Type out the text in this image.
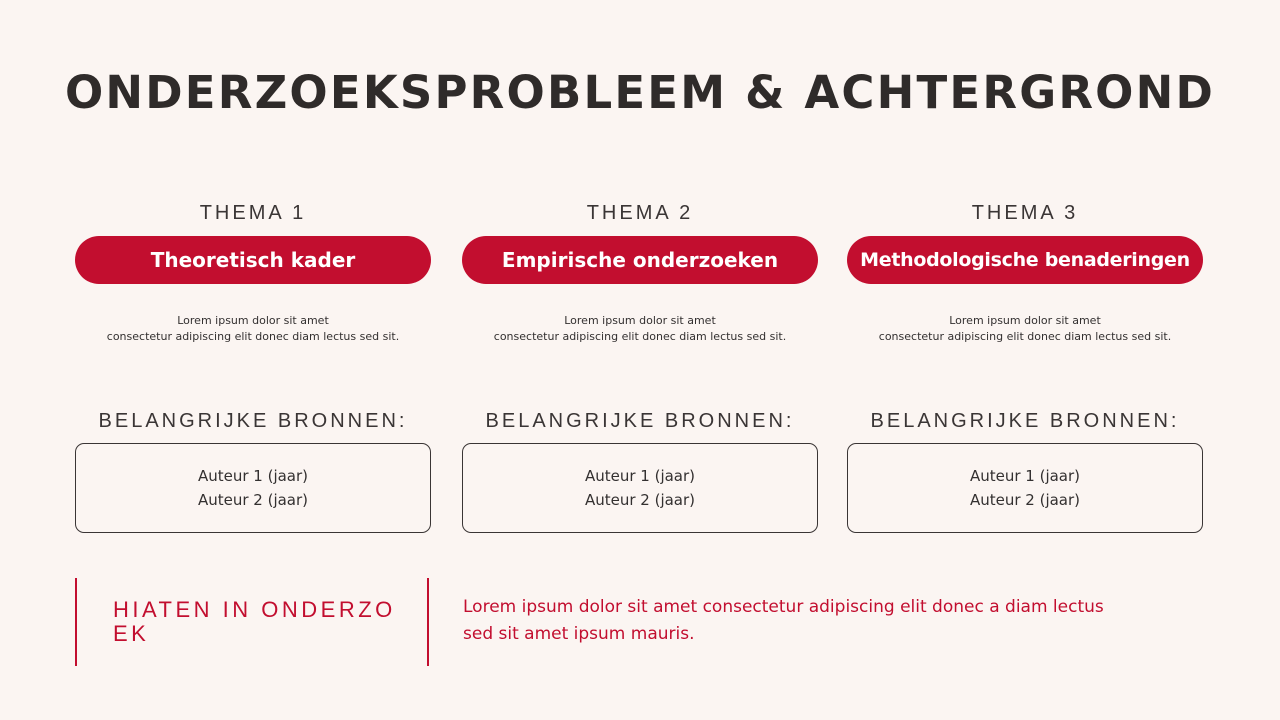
ONDERZOEKSPROBLEEM & ACHTERGROND
THEMA 1
Theoretisch kader
Lorem ipsum dolor sit amet
consectetur adipiscing elit donec diam lectus sed sit.
BELANGRIJKE BRONNEN:
Auteur 1 (jaar)
Auteur 2 (jaar)
THEMA 2
Empirische onderzoeken
Lorem ipsum dolor sit amet
consectetur adipiscing elit donec diam lectus sed sit.
BELANGRIJKE BRONNEN:
Auteur 1 (jaar)
Auteur 2 (jaar)
THEMA 3
Methodologische benaderingen
Lorem ipsum dolor sit amet
consectetur adipiscing elit donec diam lectus sed sit.
BELANGRIJKE BRONNEN:
Auteur 1 (jaar)
Auteur 2 (jaar)
HIATEN IN ONDERZOEK
Lorem ipsum dolor sit amet consectetur adipiscing elit donec a diam lectus sed sit amet ipsum mauris.
